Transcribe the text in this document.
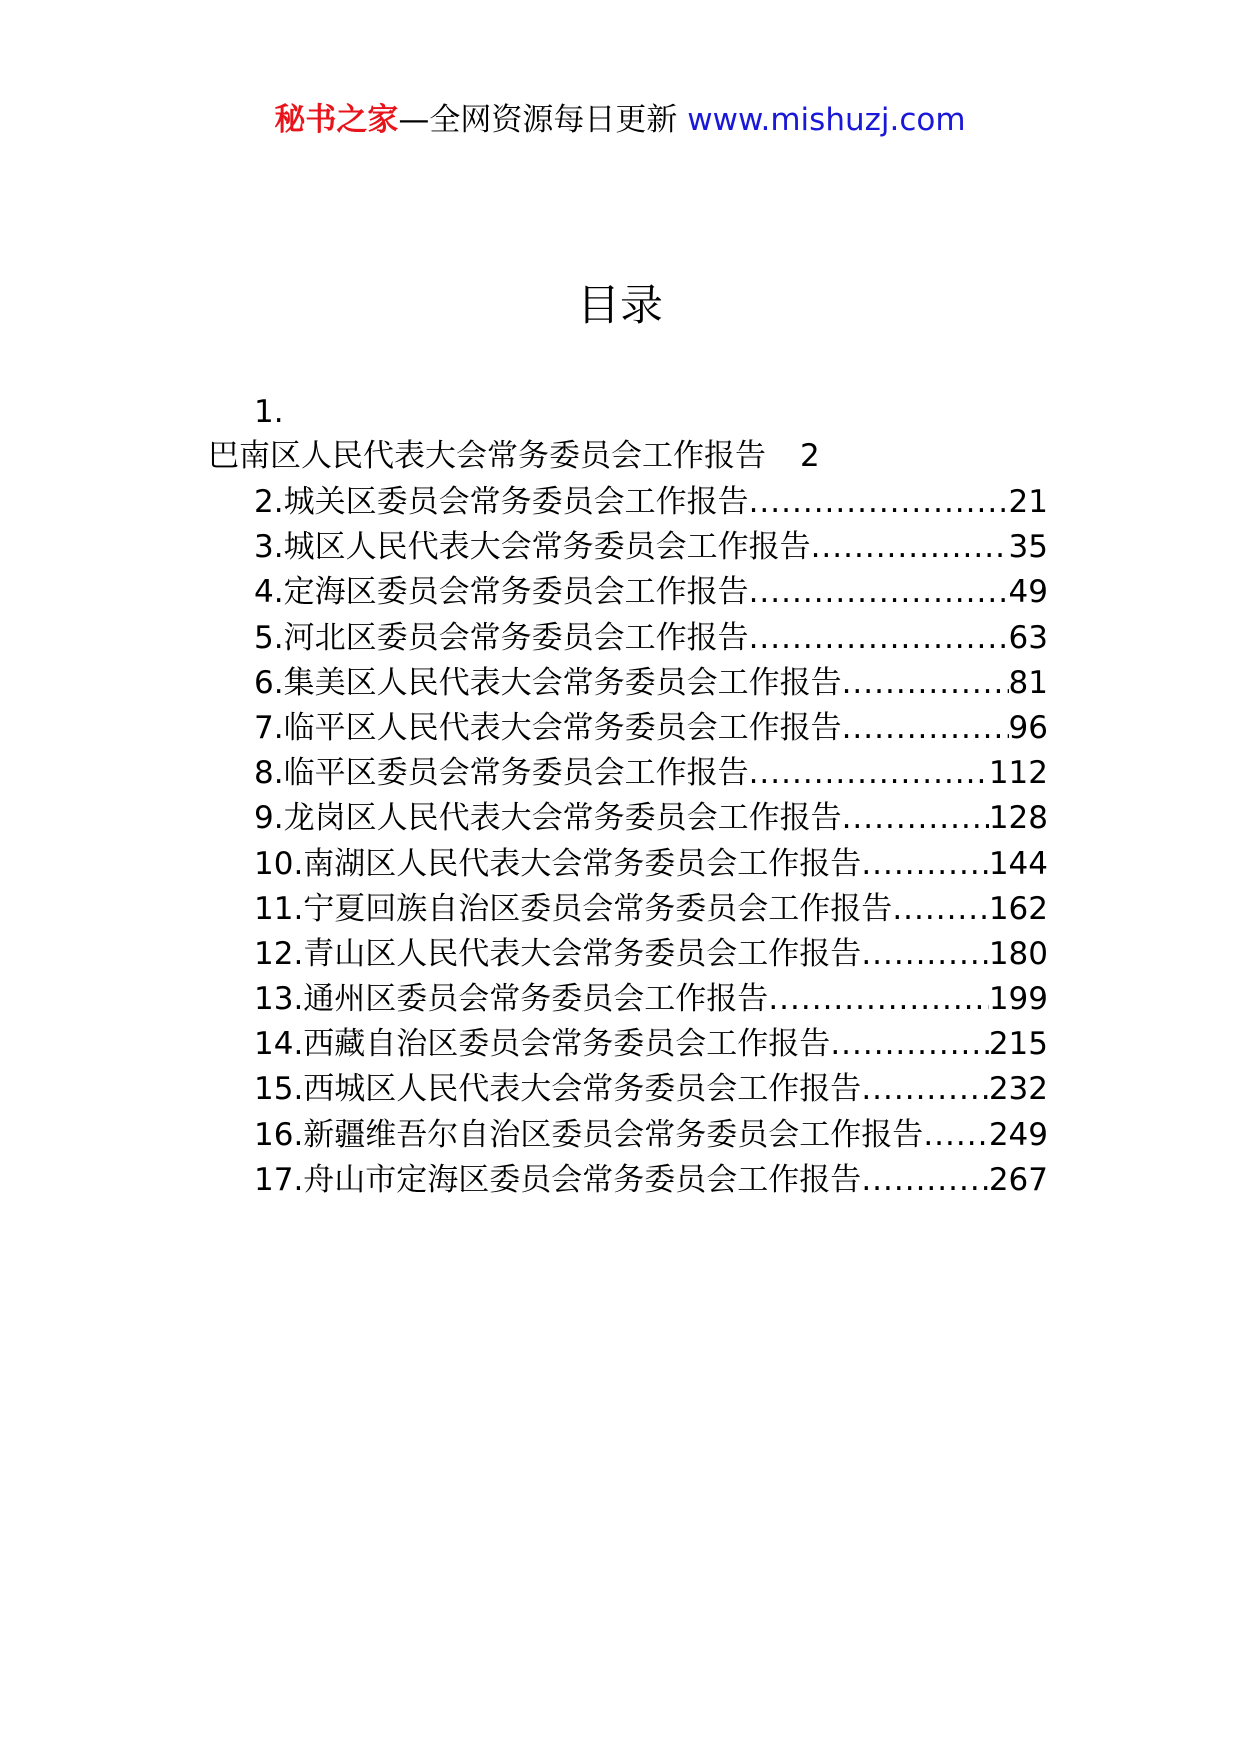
秘书之家—全网资源每日更新 www.mishuzj.com
目录
1.
巴南区人民代表大会常务委员会工作报告 2
2.城关区委员会常务委员会工作报告 .....	21
3.城区人民代表大会常务委员会工作报告 .....	35
4.定海区委员会常务委员会工作报告 .....	49
5.河北区委员会常务委员会工作报告 .....	63
6.集美区人民代表大会常务委员会工作报告 .....	81
7.临平区人民代表大会常务委员会工作报告 .....	96
8.临平区委员会常务委员会工作报告 .....	112
9.龙岗区人民代表大会常务委员会工作报告 .....	128
10.南湖区人民代表大会常务委员会工作报告 .....	144
11.宁夏回族自治区委员会常务委员会工作报告 .....	162
12.青山区人民代表大会常务委员会工作报告 .....	180
13.通州区委员会常务委员会工作报告 .....	199
14.西藏自治区委员会常务委员会工作报告 .....	215
15.西城区人民代表大会常务委员会工作报告 .....	232
16.新疆维吾尔自治区委员会常务委员会工作报告 ..... 249
17.舟山市定海区委员会常务委员会工作报告 .....	267
